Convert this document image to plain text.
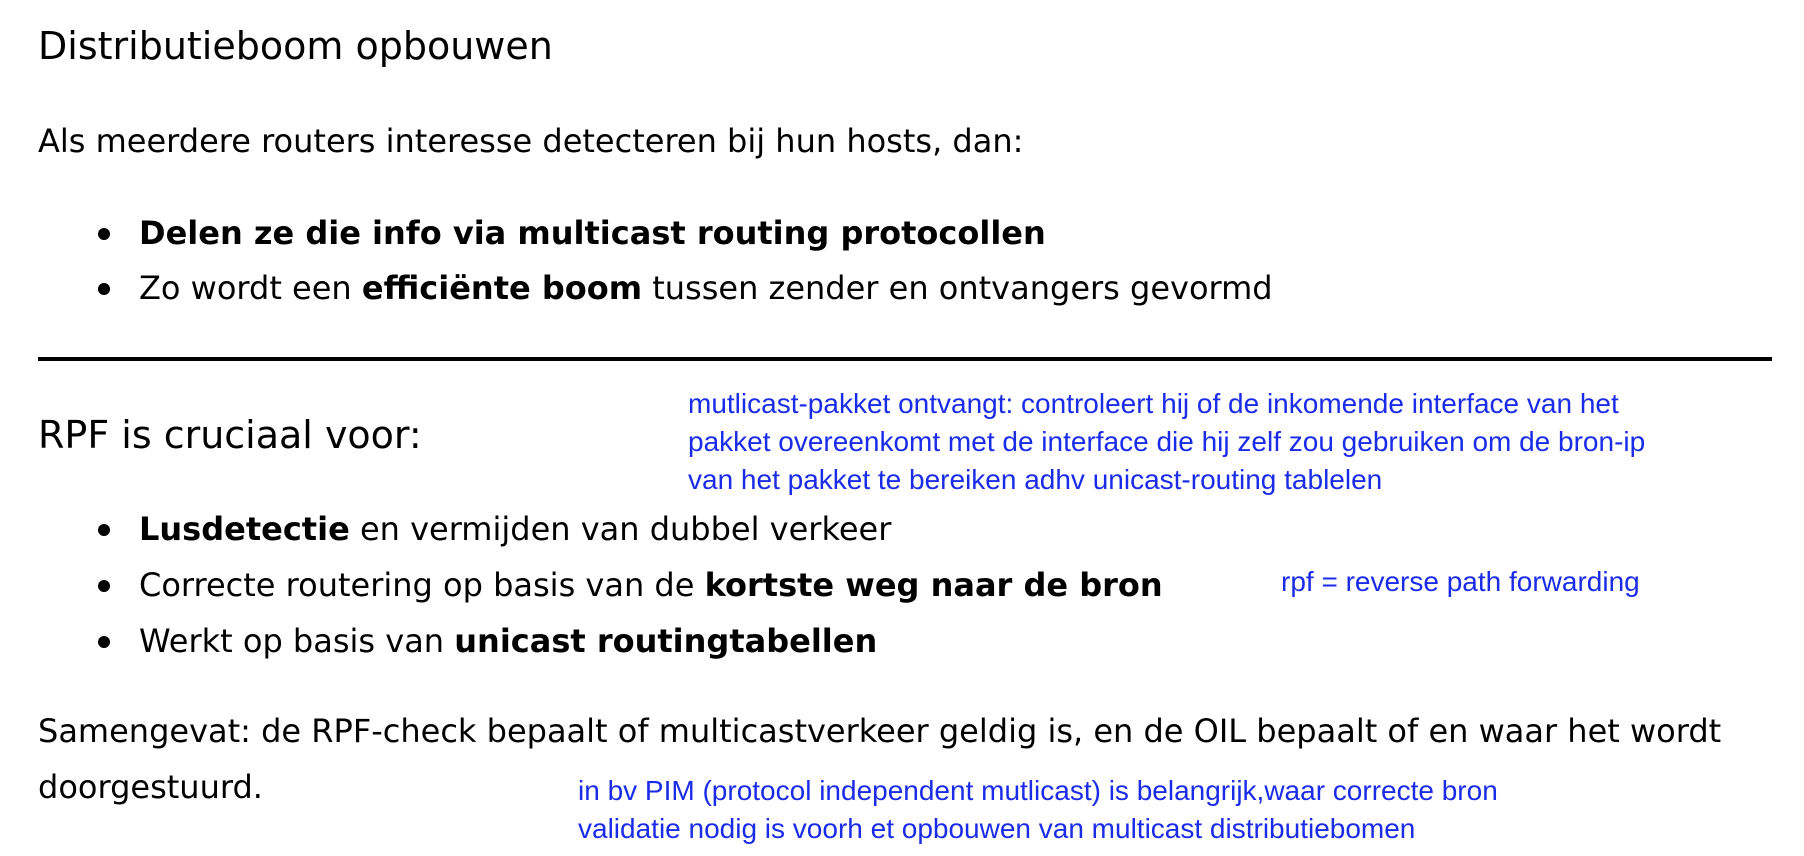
Distributieboom opbouwen
Als meerdere routers interesse detecteren bij hun hosts, dan:
Delen ze die info via multicast routing protocollen
Zo wordt een efficiënte boom tussen zender en ontvangers gevormd
RPF is cruciaal voor:
mutlicast-pakket ontvangt: controleert hij of de inkomende interface van het
pakket overeenkomt met de interface die hij zelf zou gebruiken om de bron-ip
van het pakket te bereiken adhv unicast-routing tablelen
Lusdetectie en vermijden van dubbel verkeer
Correcte routering op basis van de kortste weg naar de bron	rpf = reverse path forwarding
Werkt op basis van unicast routingtabellen
Samengevat: de RPF-check bepaalt of multicastverkeer geldig is, en de OIL bepaalt of en waar het wordt
doorgestuurd.	in bv PIM (protocol independent mutlicast) is belangrijk,waar correcte bron
validatie nodig is voorh et opbouwen van multicast distributiebomen
